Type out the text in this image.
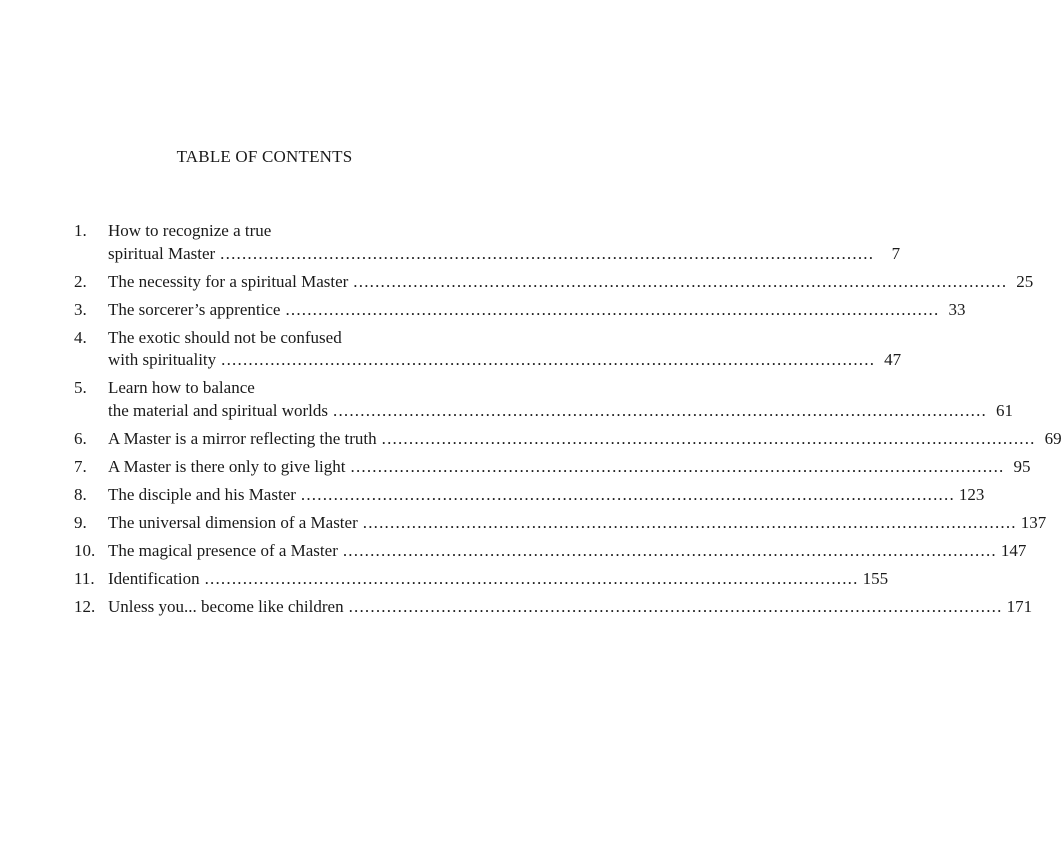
TABLE OF CONTENTS
1.	How to recognize a true
spiritual Master ........................................................................................................................	7
2.	The necessity for a spiritual Master ........................................................................................................................ 25
3.	The sorcerer’s apprentice ........................................................................................................................ 33
4.	The exotic should not be confused
with spirituality ........................................................................................................................ 47
5.	Learn how to balance
the material and spiritual worlds ........................................................................................................................ 61
6.	A Master is a mirror reflecting the truth ........................................................................................................................ 69
7.	A Master is there only to give light ........................................................................................................................ 95
8.	The disciple and his Master ........................................................................................................................ 123
9.	The universal dimension of a Master ........................................................................................................................ 137
10. The magical presence of a Master ........................................................................................................................ 147
11. Identification ........................................................................................................................ 155
12. Unless you... become like children ........................................................................................................................ 171
